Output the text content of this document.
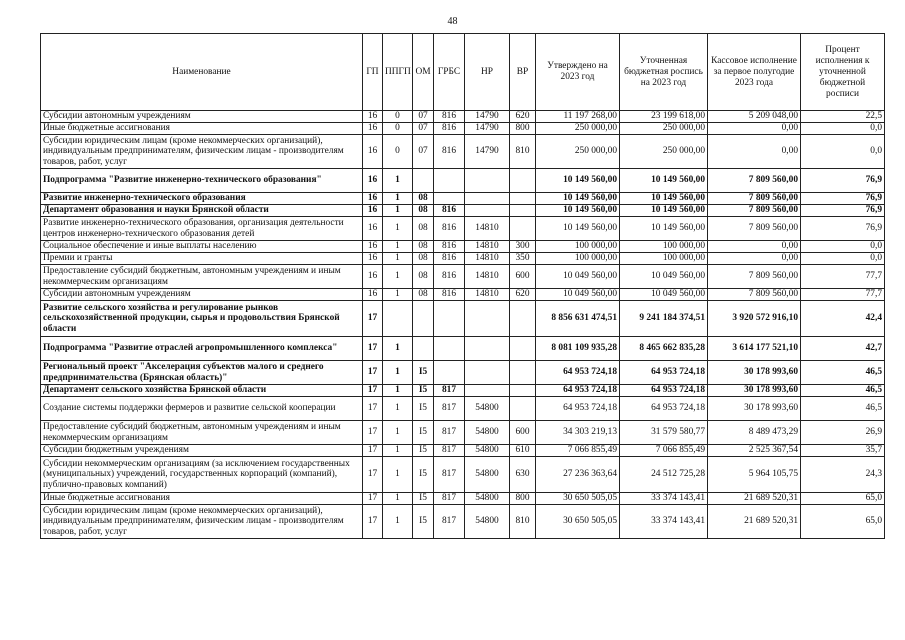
48
Наименование	ГП	ППГП	ОМ	ГРБС	НР	ВР	Утверждено на 2023 год	Уточненная бюджетная роспись на 2023 год	Кассовое исполнение за первое полугодие 2023 года	Процент исполнения к уточненной бюджетной росписи
Субсидии автономным учреждениям	16	0	07	816	14790	620	11 197 268,00	23 199 618,00	5 209 048,00	22,5
Иные бюджетные ассигнования	16	0	07	816	14790	800	250 000,00	250 000,00	0,00	0,0
Субсидии юридическим лицам (кроме некоммерческих организаций), индивидуальным предпринимателям, физическим лицам - производителям товаров, работ, услуг	16	0	07	816	14790	810	250 000,00	250 000,00	0,00	0,0
Подпрограмма "Развитие инженерно-технического образования"	16	1					10 149 560,00	10 149 560,00	7 809 560,00	76,9
Развитие инженерно-технического образования	16	1	08				10 149 560,00	10 149 560,00	7 809 560,00	76,9
Департамент образования и науки Брянской области	16	1	08	816			10 149 560,00	10 149 560,00	7 809 560,00	76,9
Развитие инженерно-технического образования, организация деятельности центров инженерно-технического образования детей	16	1	08	816	14810		10 149 560,00	10 149 560,00	7 809 560,00	76,9
Социальное обеспечение и иные выплаты населению	16	1	08	816	14810	300	100 000,00	100 000,00	0,00	0,0
Премии и гранты	16	1	08	816	14810	350	100 000,00	100 000,00	0,00	0,0
Предоставление субсидий бюджетным, автономным учреждениям и иным некоммерческим организациям	16	1	08	816	14810	600	10 049 560,00	10 049 560,00	7 809 560,00	77,7
Субсидии автономным учреждениям	16	1	08	816	14810	620	10 049 560,00	10 049 560,00	7 809 560,00	77,7
Развитие сельского хозяйства и регулирование рынков сельскохозяйственной продукции, сырья и продовольствия Брянской области	17						8 856 631 474,51	9 241 184 374,51	3 920 572 916,10	42,4
Подпрограмма "Развитие отраслей агропромышленного комплекса"	17	1					8 081 109 935,28	8 465 662 835,28	3 614 177 521,10	42,7
Региональный проект "Акселерация субъектов малого и среднего предпринимательства (Брянская область)"	17	1	I5				64 953 724,18	64 953 724,18	30 178 993,60	46,5
Департамент сельского хозяйства Брянской области	17	1	I5	817			64 953 724,18	64 953 724,18	30 178 993,60	46,5
Создание системы поддержки фермеров и развитие сельской кооперации	17	1	I5	817	54800		64 953 724,18	64 953 724,18	30 178 993,60	46,5
Предоставление субсидий бюджетным, автономным учреждениям и иным некоммерческим организациям	17	1	I5	817	54800	600	34 303 219,13	31 579 580,77	8 489 473,29	26,9
Субсидии бюджетным учреждениям	17	1	I5	817	54800	610	7 066 855,49	7 066 855,49	2 525 367,54	35,7
Субсидии некоммерческим организациям (за исключением государственных (муниципальных) учреждений, государственных корпораций (компаний), публично-правовых компаний)	17	1	I5	817	54800	630	27 236 363,64	24 512 725,28	5 964 105,75	24,3
Иные бюджетные ассигнования	17	1	I5	817	54800	800	30 650 505,05	33 374 143,41	21 689 520,31	65,0
Субсидии юридическим лицам (кроме некоммерческих организаций), индивидуальным предпринимателям, физическим лицам - производителям товаров, работ, услуг	17	1	I5	817	54800	810	30 650 505,05	33 374 143,41	21 689 520,31	65,0
